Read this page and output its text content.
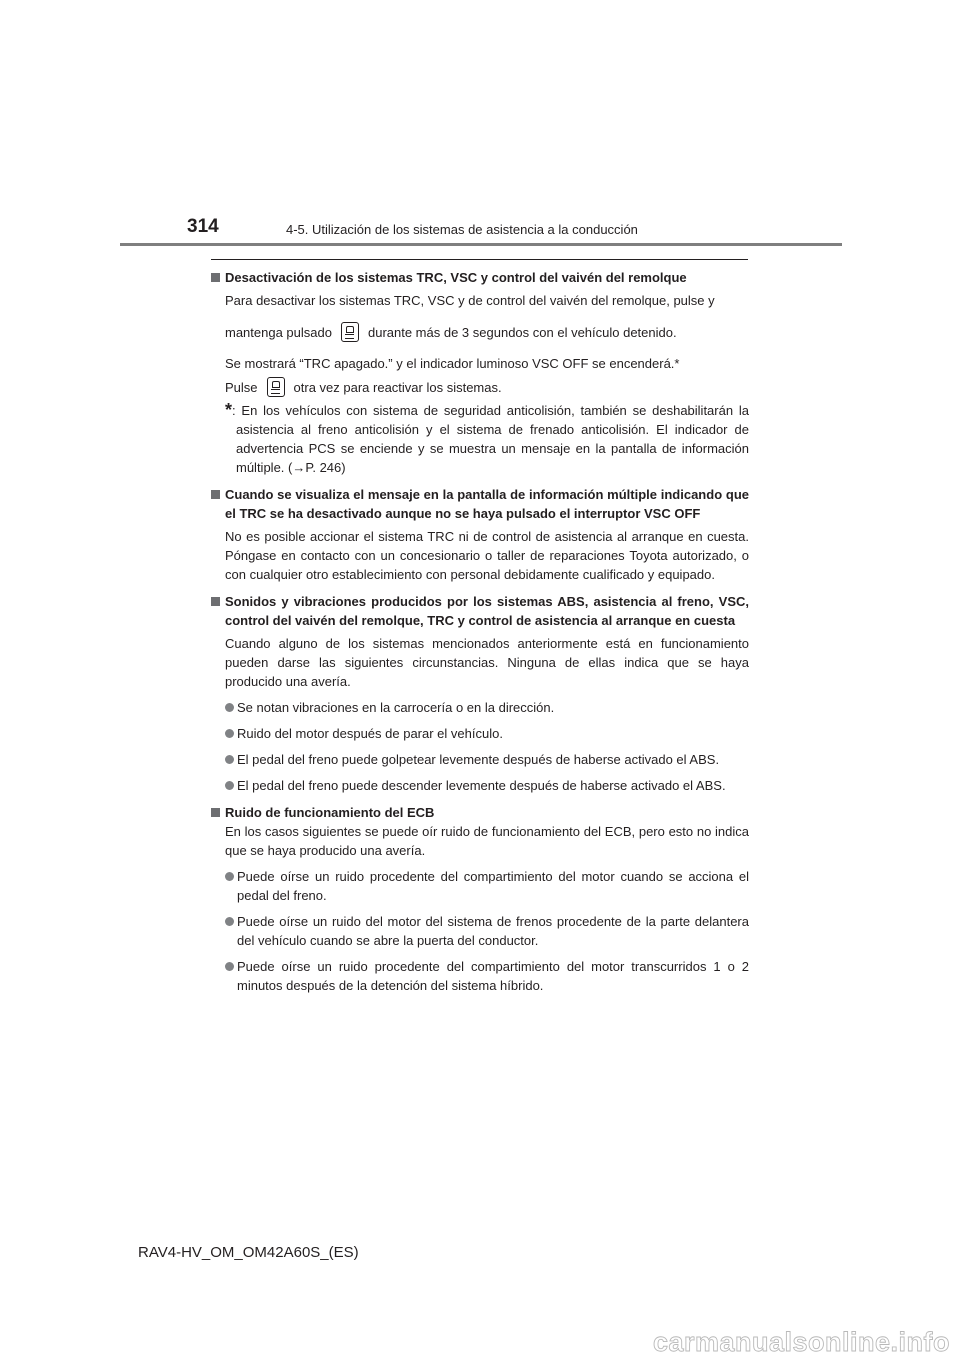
314	4-5. Utilización de los sistemas de asistencia a la conducción
Desactivación de los sistemas TRC, VSC y control del vaivén del remolque

Para desactivar los sistemas TRC, VSC y de control del vaivén del remolque, pulse y

mantenga pulsado	durante más de 3 segundos con el vehículo detenido.

Se mostrará “TRC apagado.” y el indicador luminoso VSC OFF se encenderá.*

Pulse	otra vez para reactivar los sistemas.

*: En los vehículos con sistema de seguridad anticolisión, también se deshabilitarán la asistencia al freno anticolisión y el sistema de frenado anticolisión. El indicador de advertencia PCS se enciende y se muestra un mensaje en la pantalla de información múltiple. (→P. 246)

Cuando se visualiza el mensaje en la pantalla de información múltiple indicando que el TRC se ha desactivado aunque no se haya pulsado el interruptor VSC OFF

No es posible accionar el sistema TRC ni de control de asistencia al arranque en cuesta. Póngase en contacto con un concesionario o taller de reparaciones Toyota autorizado, o con cualquier otro establecimiento con personal debidamente cualificado y equipado.

Sonidos y vibraciones producidos por los sistemas ABS, asistencia al freno, VSC, control del vaivén del remolque, TRC y control de asistencia al arranque en cuesta

Cuando alguno de los sistemas mencionados anteriormente está en funcionamiento pueden darse las siguientes circunstancias. Ninguna de ellas indica que se haya producido una avería.

Se notan vibraciones en la carrocería o en la dirección.

Ruido del motor después de parar el vehículo.

El pedal del freno puede golpetear levemente después de haberse activado el ABS.

El pedal del freno puede descender levemente después de haberse activado el ABS.

Ruido de funcionamiento del ECB

En los casos siguientes se puede oír ruido de funcionamiento del ECB, pero esto no indica que se haya producido una avería.

Puede oírse un ruido procedente del compartimiento del motor cuando se acciona el pedal del freno.

Puede oírse un ruido del motor del sistema de frenos procedente de la parte delantera del vehículo cuando se abre la puerta del conductor.

Puede oírse un ruido procedente del compartimiento del motor transcurridos 1 o 2 minutos después de la detención del sistema híbrido.

RAV4-HV_OM_OM42A60S_(ES)
carmanualsonline.info
